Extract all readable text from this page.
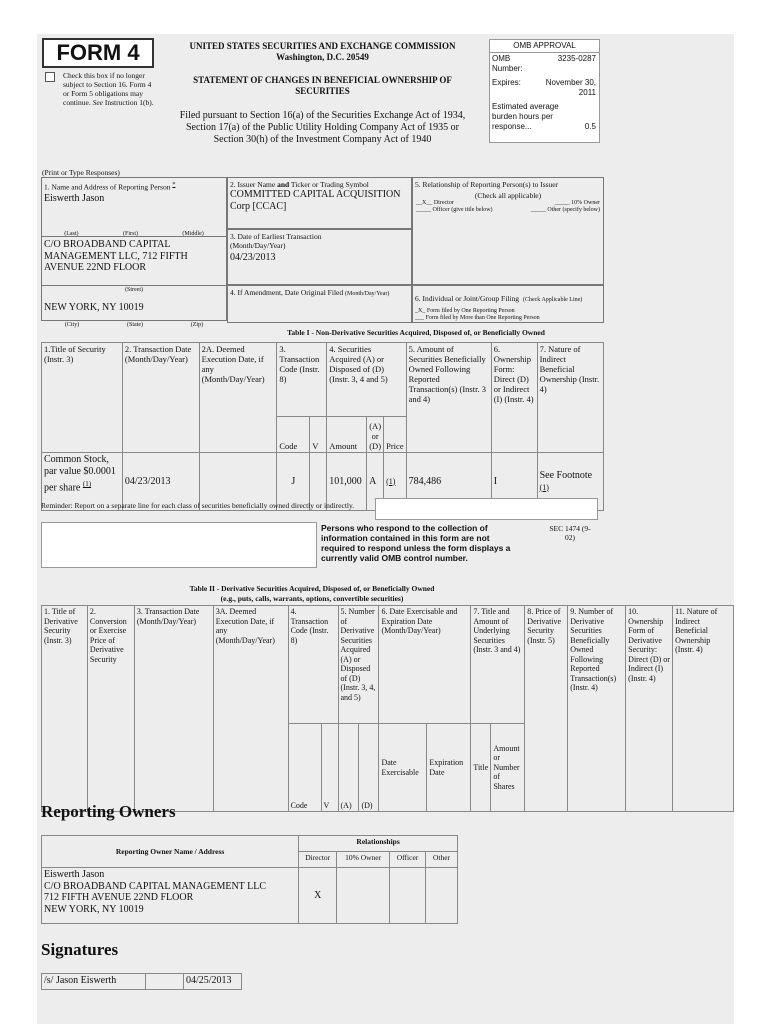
FORM 4
Check this box if no longer subject to Section 16. Form 4 or Form 5 obligations may continue. See Instruction 1(b).
UNITED STATES SECURITIES AND EXCHANGE COMMISSION
Washington, D.C. 20549
STATEMENT OF CHANGES IN BENEFICIAL OWNERSHIP OF SECURITIES
Filed pursuant to Section 16(a) of the Securities Exchange Act of 1934,
Section 17(a) of the Public Utility Holding Company Act of 1935 or
Section 30(h) of the Investment Company Act of 1940
OMB APPROVAL
OMB Number:
3235-0287
Expires:	November 30, 2011
Estimated average burden hours per response...	0.5
(Print or Type Responses)
1. Name and Address of Reporting Person *
Eiswerth Jason
(Last)	(First)	(Middle)
C/O BROADBAND CAPITAL MANAGEMENT LLC, 712 FIFTH AVENUE 22ND FLOOR
(Street)
NEW YORK, NY 10019
(City)	(State)	(Zip)
2. Issuer Name and Ticker or Trading Symbol
COMMITTED CAPITAL ACQUISITION Corp [CCAC]
3. Date of Earliest Transaction (Month/Day/Year)
04/23/2013
4. If Amendment, Date Original Filed (Month/Day/Year)
5. Relationship of Reporting Person(s) to Issuer
(Check all applicable)
__X__ Director	_____ 10% Owner
_____ Officer (give title below)	_____ Other (specify below)
6. Individual or Joint/Group Filing (Check Applicable Line)
_X_ Form filed by One Reporting Person
___ Form filed by More than One Reporting Person
Table I - Non-Derivative Securities Acquired, Disposed of, or Beneficially Owned
1.Title of Security (Instr. 3)	2. Transaction Date (Month/Day/Year)	2A. Deemed Execution Date, if any (Month/Day/Year)	3. Transaction Code (Instr. 8)		4. Securities Acquired (A) or Disposed of (D) (Instr. 3, 4 and 5)			5. Amount of Securities Beneficially Owned Following Reported Transaction(s) (Instr. 3 and 4)	6. Ownership Form: Direct (D) or Indirect (I) (Instr. 4)	7. Nature of Indirect Beneficial Ownership (Instr. 4)
			Code	V	Amount	(A) or (D)	Price			
Common Stock, par value $0.0001 per share $^{(1)}$	04/23/2013		J		101,000	A	(1)	784,486	I	See Footnote
(1)
Reminder: Report on a separate line for each class of securities beneficially owned directly or indirectly.
Persons who respond to the collection of information contained in this form are not required to respond unless the form displays a currently valid OMB control number.
SEC 1474 (9-02)
Table II - Derivative Securities Acquired, Disposed of, or Beneficially Owned
(e.g., puts, calls, warrants, options, convertible securities)
1. Title of Derivative Security (Instr. 3)	2. Conversion or Exercise Price of Derivative Security	3. Transaction Date (Month/Day/Year)	3A. Deemed Execution Date, if any (Month/Day/Year)	4. Transaction Code (Instr. 8)		5. Number of Derivative Securities Acquired (A) or Disposed of (D) (Instr. 3, 4, and 5)		6. Date Exercisable and Expiration Date (Month/Day/Year)		7. Title and Amount of Underlying Securities (Instr. 3 and 4)		8. Price of Derivative Security (Instr. 5)	9. Number of Derivative Securities Beneficially Owned Following Reported Transaction(s) (Instr. 4)	10. Ownership Form of Derivative Security: Direct (D) or Indirect (I) (Instr. 4)	11. Nature of Indirect Beneficial Ownership (Instr. 4)
				Code	V	(A)	(D)	Date Exercisable	Expiration Date	Title	Amount or Number of Shares				
Reporting Owners
Reporting Owner Name / Address	Relationships			
	Director	10% Owner	Officer	Other

Eiswerth Jason
C/O BROADBAND CAPITAL MANAGEMENT LLC
712 FIFTH AVENUE 22ND FLOOR
NEW YORK, NY 10019	X			
Signatures
/s/ Jason Eiswerth		04/25/2013
